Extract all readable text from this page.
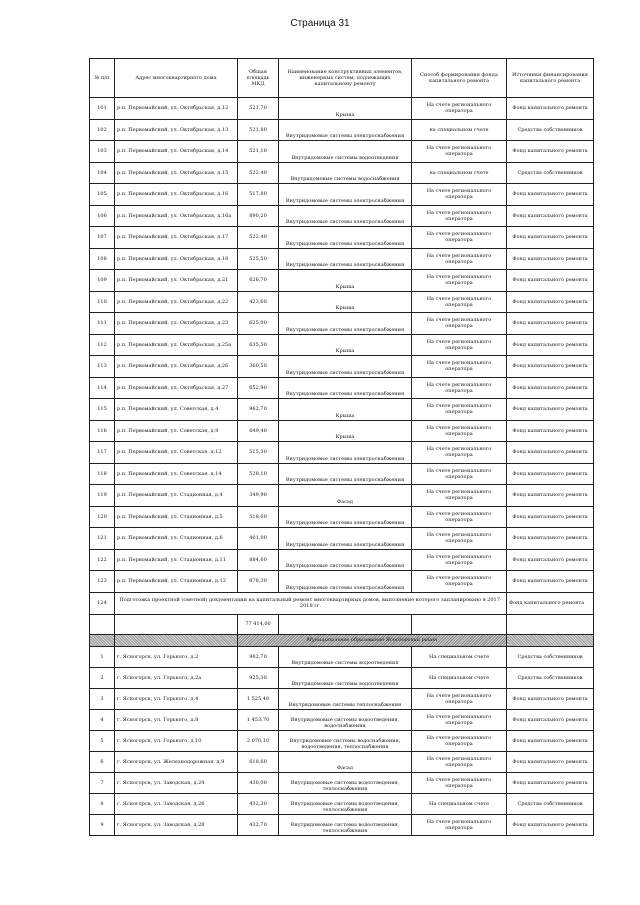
Страница 31
№ п/п	Адрес многоквартирного дома	Общая площадь МКД	Наименование конструктивных элементов, инженерных систем, подлежащих капитальному ремонту	Способ формирования фонда капитального ремонта	Источники финансирования капитального ремонта
101	р.п. Первомайский, ул. Октябрьская, д.12	521,70	Крыша	На счете регионального оператора	Фонд капитального ремонта
102	р.п. Первомайский, ул. Октябрьская, д.13	521,80	Внутридомовые системы электроснабжения	на специальном счете	Средства собственников
103	р.п. Первомайский, ул. Октябрьская, д.14	521,10	Внутридомовые системы водоотведения	На счете регионального оператора	Фонд капитального ремонта
104	р.п. Первомайский, ул. Октябрьская, д.15	522,40	Внутридомовые системы водоснабжения	на специальном счете	Средства собственников
105	р.п. Первомайский, ул. Октябрьская, д.16	517,80	Внутридомовые системы электроснабжения	На счете регионального оператора	Фонд капитального ремонта
106	р.п. Первомайский, ул. Октябрьская, д.16а	890,20	Внутридомовые системы электроснабжения	На счете регионального оператора	Фонд капитального ремонта
107	р.п. Первомайский, ул. Октябрьская, д.17	522,40	Внутридомовые системы электроснабжения	На счете регионального оператора	Фонд капитального ремонта
108	р.п. Первомайский, ул. Октябрьская, д.18	525,50	Внутридомовые системы электроснабжения	На счете регионального оператора	Фонд капитального ремонта
109	р.п. Первомайский, ул. Октябрьская, д.21	626,70	Крыша	На счете регионального оператора	Фонд капитального ремонта
110	р.п. Первомайский, ул. Октябрьская, д.22	423,60	Крыша	На счете регионального оператора	Фонд капитального ремонта
111	р.п. Первомайский, ул. Октябрьская, д.23	625,00	Внутридомовые системы электроснабжения	На счете регионального оператора	Фонд капитального ремонта
112	р.п. Первомайский, ул. Октябрьская, д.25а	635,50	Крыша	На счете регионального оператора	Фонд капитального ремонта
113	р.п. Первомайский, ул. Октябрьская, д.26	360,50	Внутридомовые системы электроснабжения	На счете регионального оператора	Фонд капитального ремонта
114	р.п. Первомайский, ул. Октябрьская, д.27	652,90	Внутридомовые системы электроснабжения	На счете регионального оператора	Фонд капитального ремонта
115	р.п. Первомайский, ул. Советская, д.4	962,70	Крыша	На счете регионального оператора	Фонд капитального ремонта
116	р.п. Первомайский, ул. Советская, д.9	649,40	Крыша	На счете регионального оператора	Фонд капитального ремонта
117	р.п. Первомайский, ул. Советская, д.12	515,30	Внутридомовые системы электроснабжения	На счете регионального оператора	Фонд капитального ремонта
118	р.п. Первомайский, ул. Советская, д.14	528,10	Внутридомовые системы электроснабжения	На счете регионального оператора	Фонд капитального ремонта
119	р.п. Первомайский, ул. Стадионная, д.4	349,90	Фасад	На счете регионального оператора	Фонд капитального ремонта
120	р.п. Первомайский, ул. Стадионная, д.5	518,60	Внутридомовые системы электроснабжения	На счете регионального оператора	Фонд капитального ремонта
121	р.п. Первомайский, ул. Стадионная, д.6	401,00	Внутридомовые системы электроснабжения	На счете регионального оператора	Фонд капитального ремонта
122	р.п. Первомайский, ул. Стадионная, д.11	884,60	Внутридомовые системы электроснабжения	На счете регионального оператора	Фонд капитального ремонта
123	р.п. Первомайский, ул. Стадионная, д.12	878,30	Внутридомовые системы электроснабжения	На счете регионального оператора	Фонд капитального ремонта
124	Подготовка проектной (сметной) документации на капитальный ремонт многоквартирных домов, выполнение которого запланировано в 2017-2018 гг.				Фонд капитального ремонта
		77 414,00			
		Муниципальное образование Ясногорский район			
1	г. Ясногорск, ул. Горького, д.2	982,70	Внутридомовые системы водоотведения	На специальном счете	Средства собственников
2	г. Ясногорск, ул. Горького, д.2а	925,30	Внутридомовые системы водоотведения	На специальном счете	Средства собственников
3	г. Ясногорск, ул. Горького, д.4	1 525,40	Внутридомовые системы теплоснабжения	На счете регионального оператора	Фонд капитального ремонта
4	г. Ясногорск, ул. Горького, д.8	1 453,70	Внутридомовые системы водоотведения, водоснабжения	На счете регионального оператора	Фонд капитального ремонта
5	г. Ясногорск, ул. Горького, д.10	2 070,10	Внутридомовые системы водоснабжения, водоотведения, теплоснабжения	На счете регионального оператора	Фонд капитального ремонта
6	г. Ясногорск, ул. Железнодорожная, д.9	618,60	Фасад	На счете регионального оператора	Фонд капитального ремонта
7	г. Ясногорск, ул. Заводская, д.24	430,00	Внутридомовые системы водоотведения, теплоснабжения	На счете регионального оператора	Фонд капитального ремонта
8	г. Ясногорск, ул. Заводская, д.26	432,20	Внутридомовые системы водоотведения, теплоснабжения	На специальном счете	Средства собственников
9	г. Ясногорск, ул. Заводская, д.28	432,70	Внутридомовые системы водоотведения, теплоснабжения	На счете регионального оператора	Фонд капитального ремонта
